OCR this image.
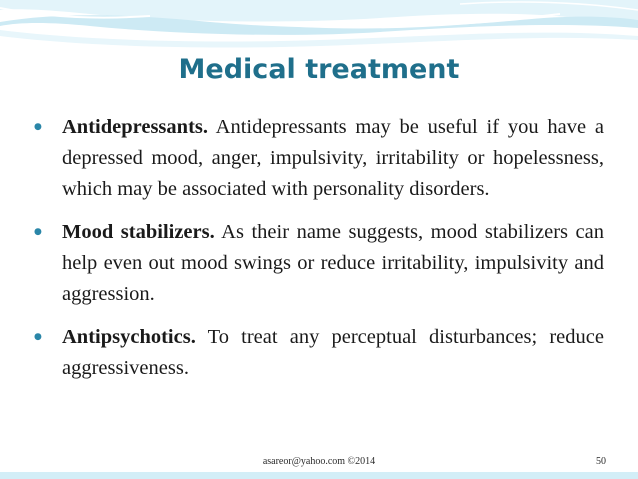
Medical treatment

● Antidepressants. Antidepressants may be useful if you have a depressed mood, anger, impulsivity, irritability or hopelessness, which may be associated with personality disorders.

● Mood stabilizers. As their name suggests, mood stabilizers can help even out mood swings or reduce irritability, impulsivity and aggression.

● Antipsychotics. To treat any perceptual disturbances; reduce aggressiveness.

asareor@yahoo.com ©2014	50
